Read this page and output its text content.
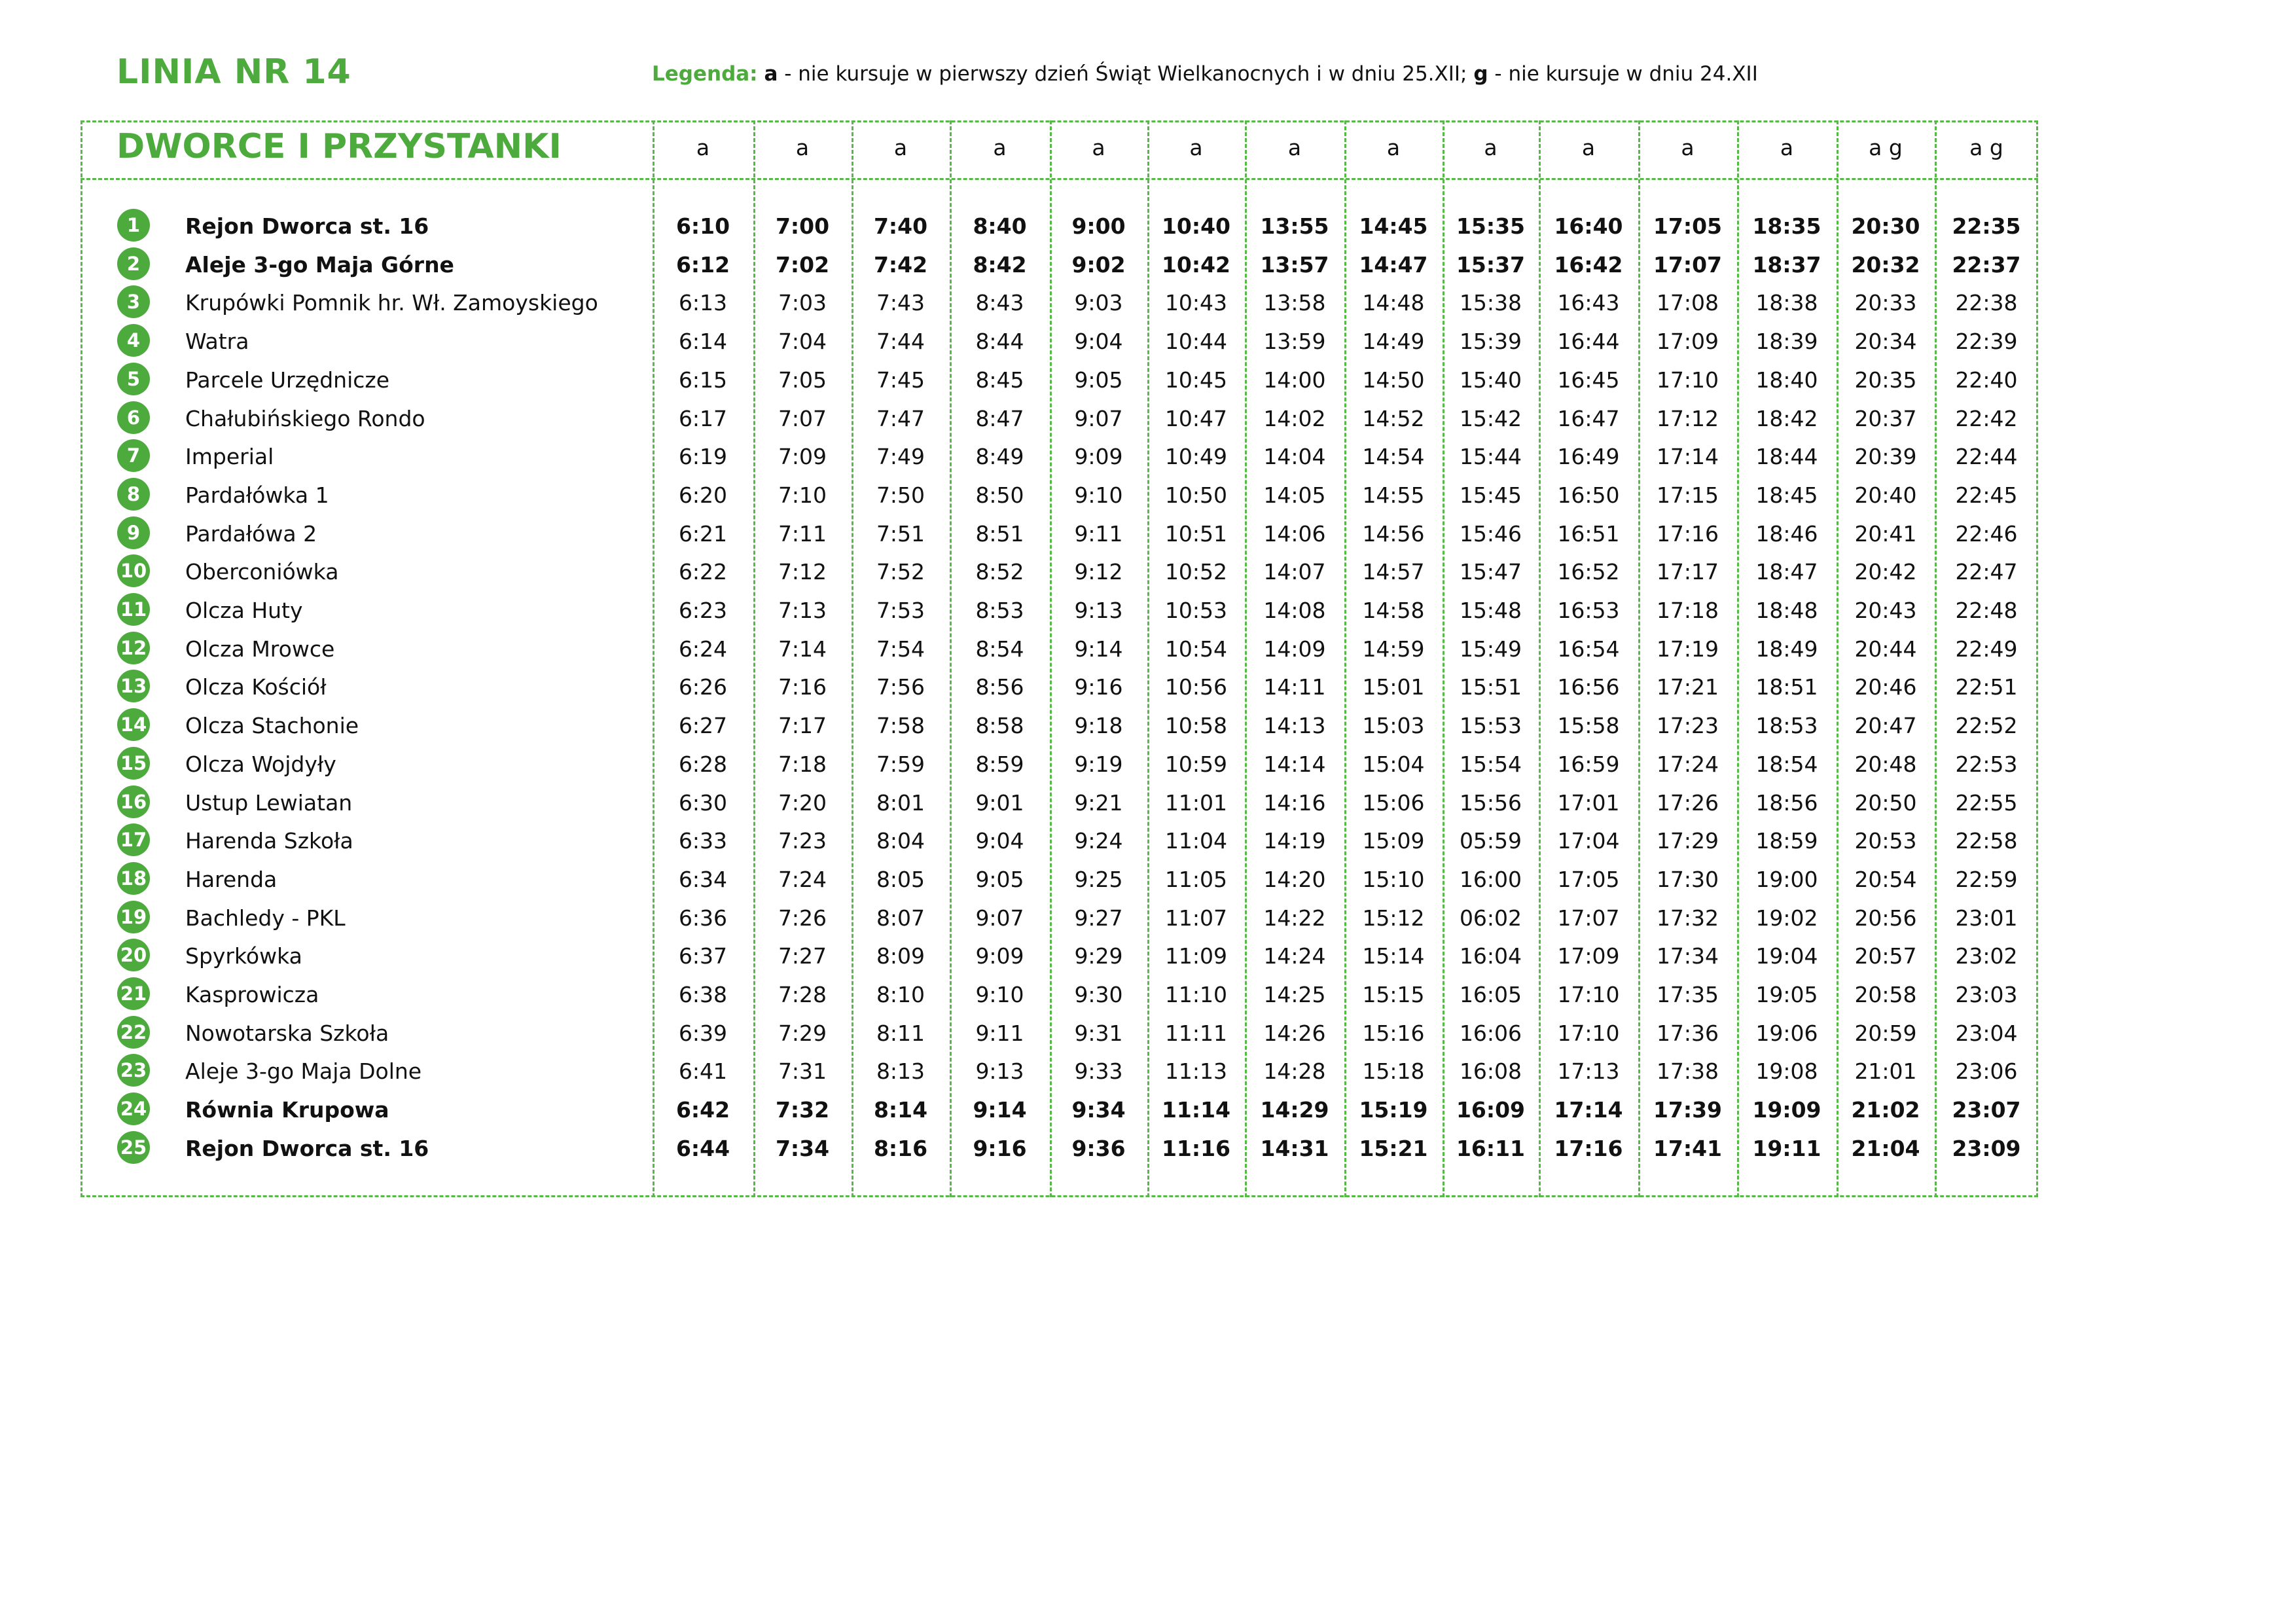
LINIA NR 14	Legenda: a - nie kursuje w pierwszy dzień Świąt Wielkanocnych i w dniu 25.XII; g - nie kursuje w dniu 24.XII
DWORCE I PRZYSTANKI	a	a	a	a	a	a	a	a	a	a	a	a	a g	a g
1	Rejon Dworca st. 16	6:10	7:00	7:40	8:40	9:00	10:40	13:55	14:45	15:35	16:40	17:05	18:35	20:30	22:35
2	Aleje 3-go Maja Górne	6:12	7:02	7:42	8:42	9:02	10:42	13:57	14:47	15:37	16:42	17:07	18:37	20:32	22:37
3	Krupówki Pomnik hr. Wł. Zamoyskiego	6:13	7:03	7:43	8:43	9:03	10:43	13:58	14:48	15:38	16:43	17:08	18:38	20:33	22:38
4	Watra	6:14	7:04	7:44	8:44	9:04	10:44	13:59	14:49	15:39	16:44	17:09	18:39	20:34	22:39
5	Parcele Urzędnicze	6:15	7:05	7:45	8:45	9:05	10:45	14:00	14:50	15:40	16:45	17:10	18:40	20:35	22:40
6	Chałubińskiego Rondo	6:17	7:07	7:47	8:47	9:07	10:47	14:02	14:52	15:42	16:47	17:12	18:42	20:37	22:42
7	Imperial	6:19	7:09	7:49	8:49	9:09	10:49	14:04	14:54	15:44	16:49	17:14	18:44	20:39	22:44
8	Pardałówka 1	6:20	7:10	7:50	8:50	9:10	10:50	14:05	14:55	15:45	16:50	17:15	18:45	20:40	22:45
9	Pardałówa 2	6:21	7:11	7:51	8:51	9:11	10:51	14:06	14:56	15:46	16:51	17:16	18:46	20:41	22:46
10 Oberconiówka	6:22	7:12	7:52	8:52	9:12	10:52	14:07	14:57	15:47	16:52	17:17	18:47	20:42	22:47
11 Olcza Huty	6:23	7:13	7:53	8:53	9:13	10:53	14:08	14:58	15:48	16:53	17:18	18:48	20:43	22:48
12 Olcza Mrowce	6:24	7:14	7:54	8:54	9:14	10:54	14:09	14:59	15:49	16:54	17:19	18:49	20:44	22:49
13 Olcza Kościół	6:26	7:16	7:56	8:56	9:16	10:56	14:11	15:01	15:51	16:56	17:21	18:51	20:46	22:51
14 Olcza Stachonie	6:27	7:17	7:58	8:58	9:18	10:58	14:13	15:03	15:53	15:58	17:23	18:53	20:47	22:52
15 Olcza Wojdyły	6:28	7:18	7:59	8:59	9:19	10:59	14:14	15:04	15:54	16:59	17:24	18:54	20:48	22:53
16 Ustup Lewiatan	6:30	7:20	8:01	9:01	9:21	11:01	14:16	15:06	15:56	17:01	17:26	18:56	20:50	22:55
17 Harenda Szkoła	6:33	7:23	8:04	9:04	9:24	11:04	14:19	15:09	05:59	17:04	17:29	18:59	20:53	22:58
18 Harenda	6:34	7:24	8:05	9:05	9:25	11:05	14:20	15:10	16:00	17:05	17:30	19:00	20:54	22:59
19 Bachledy - PKL	6:36	7:26	8:07	9:07	9:27	11:07	14:22	15:12	06:02	17:07	17:32	19:02	20:56	23:01
20 Spyrkówka	6:37	7:27	8:09	9:09	9:29	11:09	14:24	15:14	16:04	17:09	17:34	19:04	20:57	23:02
21 Kasprowicza	6:38	7:28	8:10	9:10	9:30	11:10	14:25	15:15	16:05	17:10	17:35	19:05	20:58	23:03
22 Nowotarska Szkoła	6:39	7:29	8:11	9:11	9:31	11:11	14:26	15:16	16:06	17:10	17:36	19:06	20:59	23:04
23 Aleje 3-go Maja Dolne	6:41	7:31	8:13	9:13	9:33	11:13	14:28	15:18	16:08	17:13	17:38	19:08	21:01	23:06
24 Równia Krupowa	6:42	7:32	8:14	9:14	9:34	11:14	14:29	15:19	16:09	17:14	17:39	19:09	21:02	23:07
25 Rejon Dworca st. 16	6:44	7:34	8:16	9:16	9:36	11:16	14:31	15:21	16:11	17:16	17:41	19:11	21:04	23:09
